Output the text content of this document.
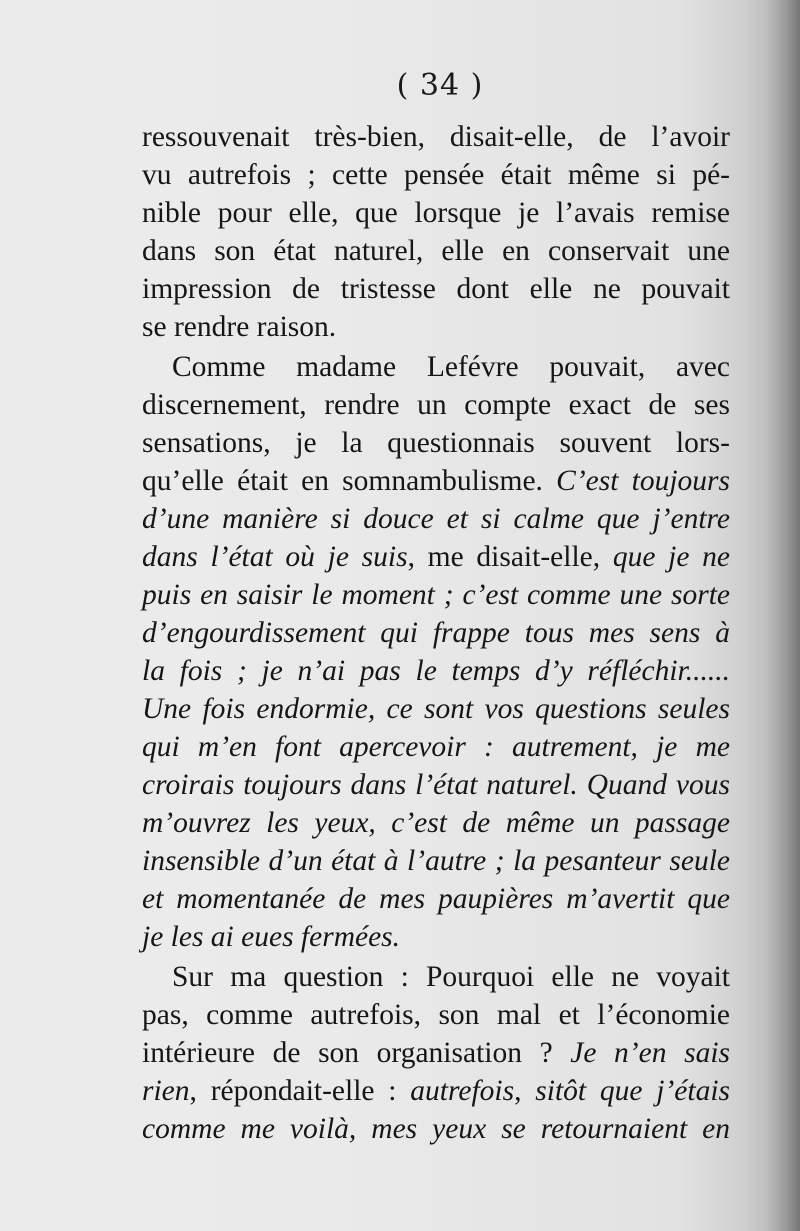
( 34 )
ressouvenait très-bien, disait-elle, de l’avoir
vu autrefois ; cette pensée était même si pé-
nible pour elle, que lorsque je l’avais remise
dans son état naturel, elle en conservait une
impression de tristesse dont elle ne pouvait
se rendre raison.
Comme madame Lefévre pouvait, avec
discernement, rendre un compte exact de ses
sensations, je la questionnais souvent lors-
qu’elle était en somnambulisme. C’est toujours
d’une manière si douce et si calme que j’entre
dans l’état où je suis, me disait-elle, que je ne
puis en saisir le moment ; c’est comme une sorte
d’engourdissement qui frappe tous mes sens à
la fois ; je n’ai pas le temps d’y réfléchir......
Une fois endormie, ce sont vos questions seules
qui m’en font apercevoir : autrement, je me
croirais toujours dans l’état naturel. Quand vous
m’ouvrez les yeux, c’est de même un passage
insensible d’un état à l’autre ; la pesanteur seule
et momentanée de mes paupières m’avertit que
je les ai eues fermées.
Sur ma question : Pourquoi elle ne voyait
pas, comme autrefois, son mal et l’économie
intérieure de son organisation ? Je n’en sais
rien, répondait-elle : autrefois, sitôt que j’étais
comme me voilà, mes yeux se retournaient en
